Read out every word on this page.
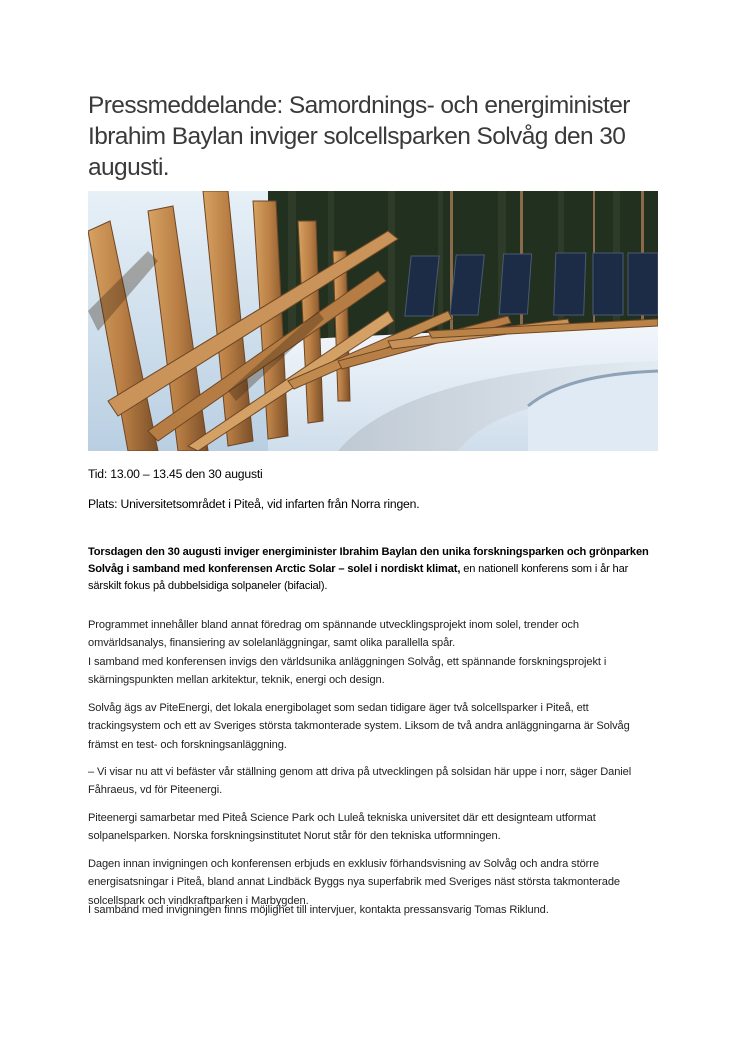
Pressmeddelande: Samordnings- och energiminister Ibrahim Baylan inviger solcellsparken Solvåg den 30 augusti.

Tid: 13.00 – 13.45 den 30 augusti

Plats: Universitetsområdet i Piteå, vid infarten från Norra ringen.

Torsdagen den 30 augusti inviger energiminister Ibrahim Baylan den unika forskningsparken och grönparken Solvåg i samband med konferensen Arctic Solar – solel i nordiskt klimat, en nationell konferens som i år har särskilt fokus på dubbelsidiga solpaneler (bifacial).

Programmet innehåller bland annat föredrag om spännande utvecklingsprojekt inom solel, trender och omvärldsanalys, finansiering av solelanläggningar, samt olika parallella spår.
I samband med konferensen invigs den världsunika anläggningen Solvåg, ett spännande forskningsprojekt i skärningspunkten mellan arkitektur, teknik, energi och design.

Solvåg ägs av PiteEnergi, det lokala energibolaget som sedan tidigare äger två solcellsparker i Piteå, ett trackingsystem och ett av Sveriges största takmonterade system. Liksom de två andra anläggningarna är Solvåg främst en test- och forskningsanläggning.

– Vi visar nu att vi befäster vår ställning genom att driva på utvecklingen på solsidan här uppe i norr, säger Daniel Fåhraeus, vd för Piteenergi.

Piteenergi samarbetar med Piteå Science Park och Luleå tekniska universitet där ett designteam utformat solpanelsparken. Norska forskningsinstitutet Norut står för den tekniska utformningen.

Dagen innan invigningen och konferensen erbjuds en exklusiv förhandsvisning av Solvåg och andra större energisatsningar i Piteå, bland annat Lindbäck Byggs nya superfabrik med Sveriges näst största takmonterade solcellspark och vindkraftparken i Marbygden.

I samband med invigningen finns möjlighet till intervjuer, kontakta pressansvarig Tomas Riklund.
